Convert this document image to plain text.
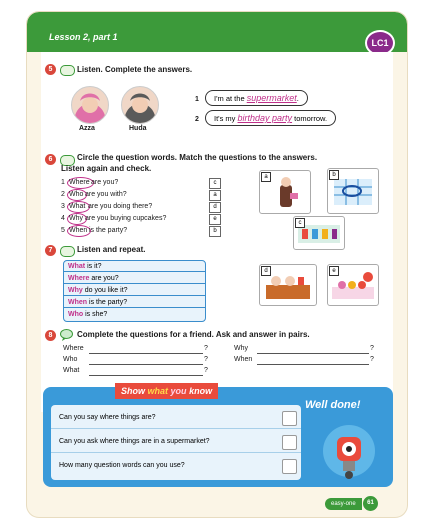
Lesson 2, part 1
LC1
5	Listen. Complete the answers.
Azza	Huda
1	I'm at the supermarket.
2	It's my birthday party tomorrow.
6	Circle the question words. Match the questions to the answers.
Listen again and check.
1 Where are you?	c
2 Who are you with?	a
3 What are you doing there?	d
4 Why are you buying cupcakes?	e
5 When is the party?	b
a	b
c
d	e
7	Listen and repeat.
What is it?
Where are you?
Why do you like it?
When is the party?
Who is she?
8	Complete the questions for a friend. Ask and answer in pairs.
Where	?
Who	?
What	?
Why	?
When	?
Show what you know
Can you say where things are?
Can you ask where things are in a supermarket?
How many question words can you use?
Well done!
easy-one	61
